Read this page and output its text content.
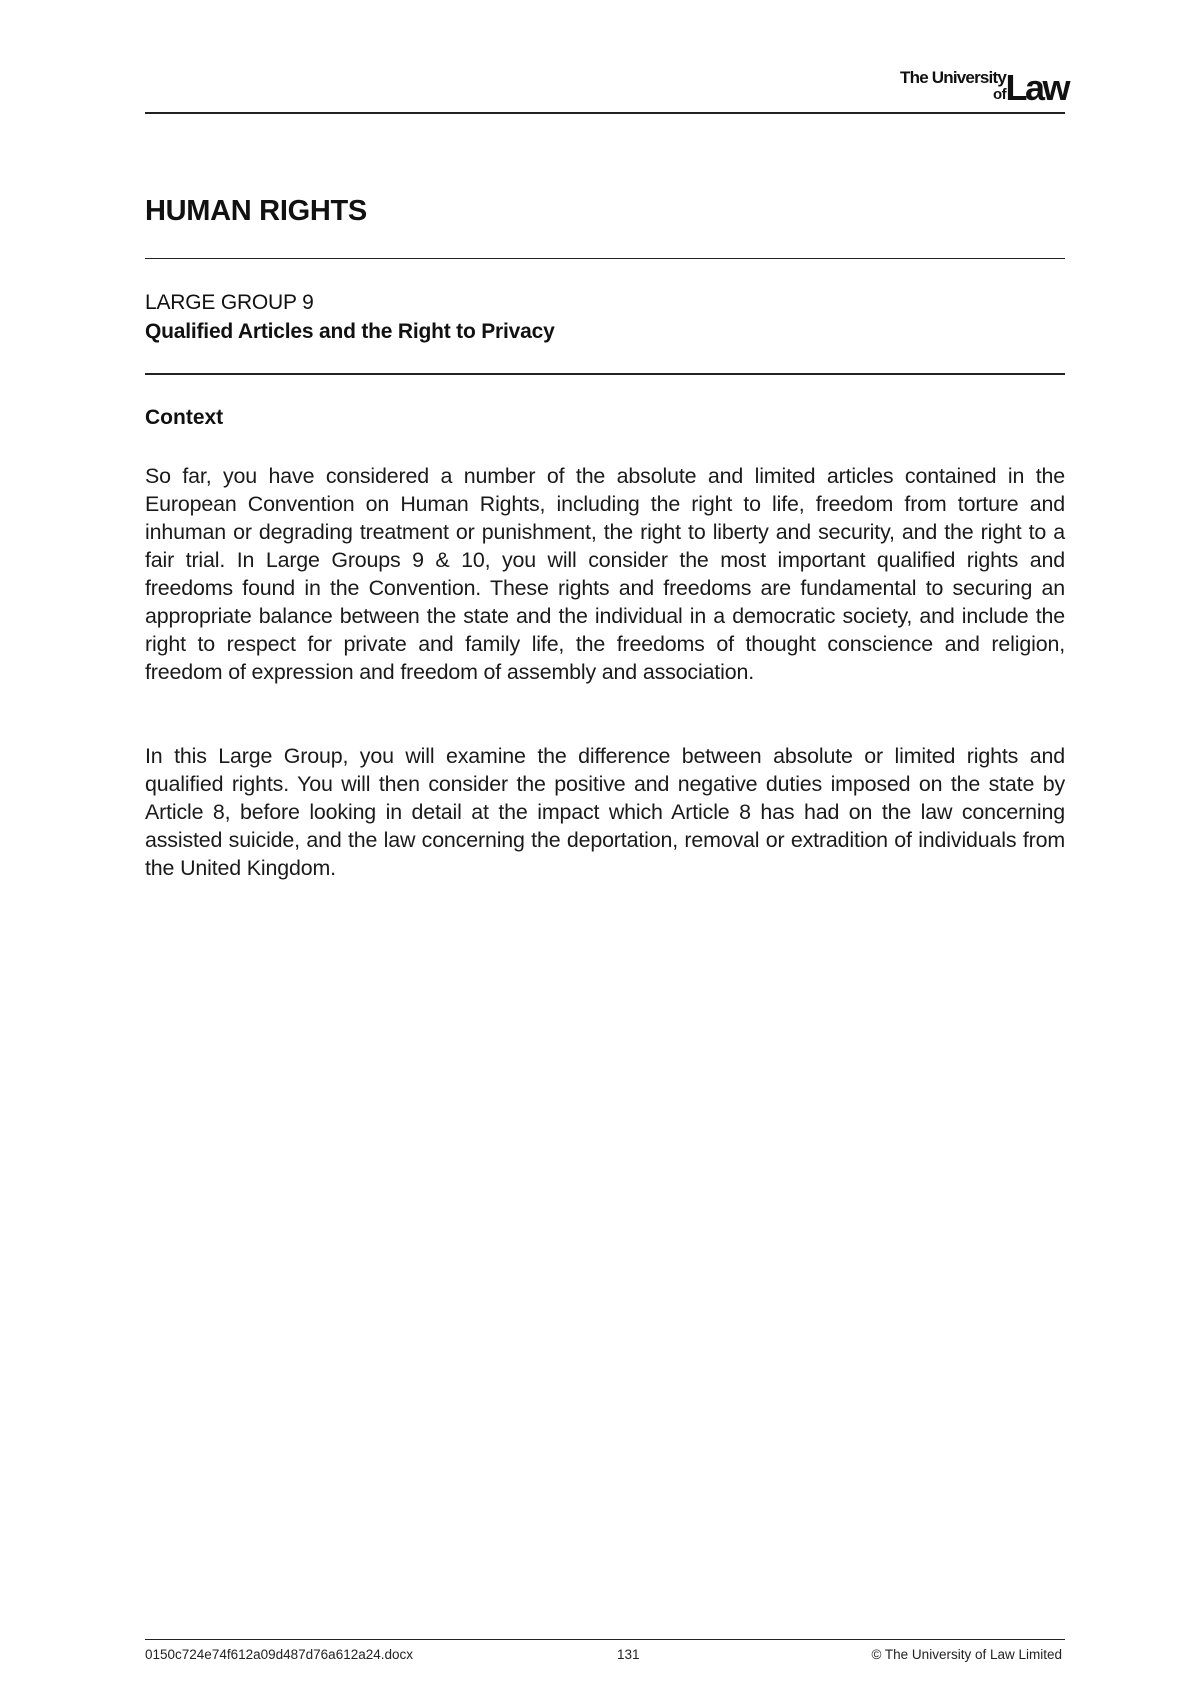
The University
of Law
HUMAN RIGHTS

LARGE GROUP 9

Qualified Articles and the Right to Privacy

Context

So far, you have considered a number of the absolute and limited articles contained in the European Convention on Human Rights, including the right to life, freedom from torture and inhuman or degrading treatment or punishment, the right to liberty and security, and the right to a fair trial. In Large Groups 9 & 10, you will consider the most important qualified rights and freedoms found in the Convention. These rights and freedoms are fundamental to securing an appropriate balance between the state and the individual in a democratic society, and include the right to respect for private and family life, the freedoms of thought conscience and religion, freedom of expression and freedom of assembly and association.

In this Large Group, you will examine the difference between absolute or limited rights and qualified rights. You will then consider the positive and negative duties imposed on the state by Article 8, before looking in detail at the impact which Article 8 has had on the law concerning assisted suicide, and the law concerning the deportation, removal or extradition of individuals from the United Kingdom.

0150c724e74f612a09d487d76a612a24.docx	131	© The University of Law Limited
